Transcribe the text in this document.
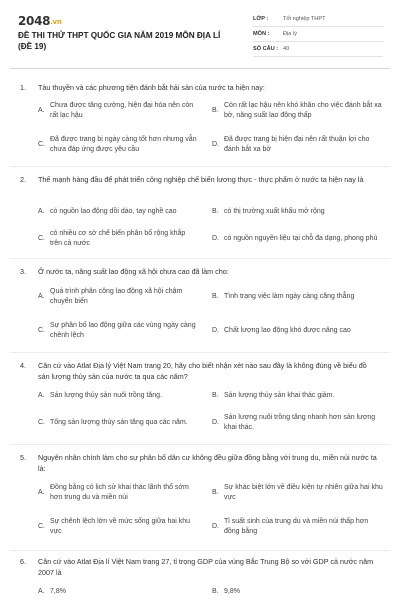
2048.vn
ĐỀ THI THỬ THPT QUỐC GIA NĂM 2019 MÔN ĐỊA LÍ (ĐỀ 19)
LỚP :	Tốt nghiệp THPT
MÔN :	Địa lý
SỐ CÂU : 40
1.	Tàu thuyền và các phương tiện đánh bắt hải sản của nước ta hiện nay:
A.
Chưa được tăng cường, hiện đại hóa nên còn rất lạc hậu
B.
Còn rất lạc hậu nên khó khăn cho việc đánh bắt xa bờ, năng suất lao động thấp
C.
Đã được trang bị ngày càng tốt hơn nhưng vẫn chưa đáp ứng được yêu cầu
D.
Đã được trang bị hiện đại nên rất thuận lợi cho đánh bắt xa bờ
2.	Thế mạnh hàng đầu để phát triển công nghiệp chế biến lương thực - thực phẩm ở nước ta hiện nay là
A. có nguồn lao động dồi dào, tay nghề cao	B. có thị trường xuất khẩu mở rộng
C.
có nhiều cơ sở chế biến phân bố rộng khắp trên cả nước
D. có nguồn nguyên liệu tại chỗ đa dạng, phong phú
3.	Ở nước ta, năng suất lao động xã hội chưa cao đã làm cho:
A.
Quá trình phân công lao động xã hội chậm chuyển biến
B. Tình trạng việc làm ngày càng căng thẳng
C.
Sự phân bố lao động giữa các vùng ngày càng chênh lệch
D. Chất lượng lao động khó được nâng cao
4.	Căn cứ vào Atlat Địa lý Việt Nam trang 20, hãy cho biết nhận xét nào sau đây là không đúng về biểu đồ sản lượng thủy sản của nước ta qua các năm?
A. Sản lượng thủy sản nuôi trồng tăng.	B. Sản lượng thủy sản khai thác giảm.
C. Tổng sản lượng thủy sản tăng qua các năm.	D.
Sản lượng nuôi trồng tăng nhanh hơn sản lượng khai thác.
5.	Nguyên nhân chính làm cho sự phân bố dân cư không đều giữa đồng bằng với trung du, miền núi nước ta là:
A.
Đồng bằng có lịch sử khai thác lãnh thổ sớm hơn trung du và miền núi
B.
Sự khác biệt lớn về điều kiện tự nhiên giữa hai khu vực
C.
Sự chênh lệch lớn về mức sống giữa hai khu vực
D.
Tỉ suất sinh của trung du và miền núi thấp hơn đồng bằng
6.	Căn cứ vào Atlat Địa lí Việt Nam trang 27, tỉ trọng GDP của vùng Bắc Trung Bộ so với GDP cả nước năm 2007 là
A. 7,8%	B. 9,8%
